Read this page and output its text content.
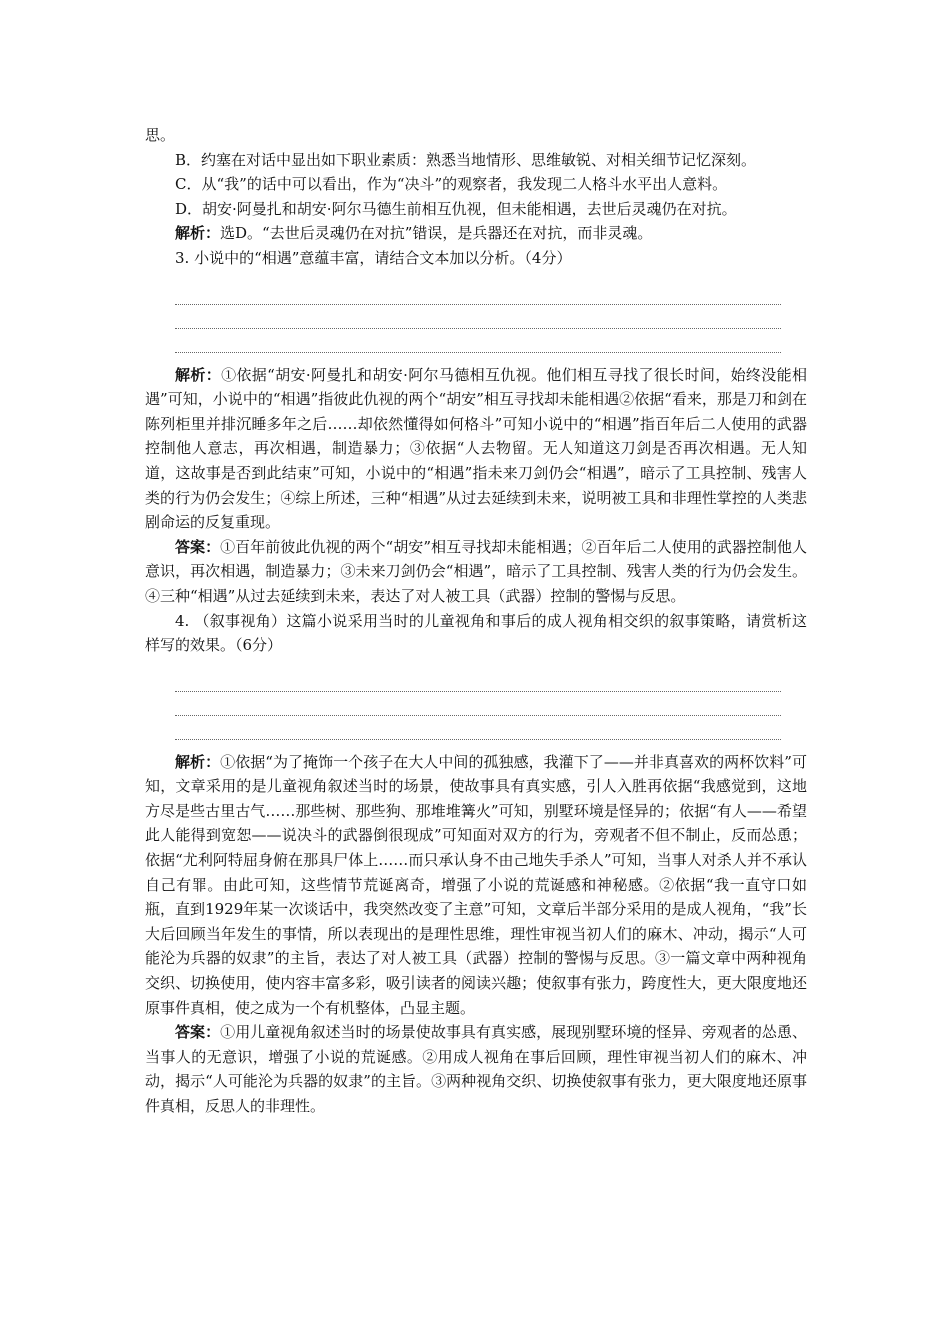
思。

B．约塞在对话中显出如下职业素质：熟悉当地情形、思维敏锐、对相关细节记忆深刻。

C．从“我”的话中可以看出，作为“决斗”的观察者，我发现二人格斗水平出人意料。

D．胡安·阿曼扎和胡安·阿尔马德生前相互仇视，但未能相遇，去世后灵魂仍在对抗。

解析：选D。“去世后灵魂仍在对抗”错误，是兵器还在对抗，而非灵魂。

3. 小说中的“相遇”意蕴丰富，请结合文本加以分析。（4分）

解析：①依据“胡安·阿曼扎和胡安·阿尔马德相互仇视。他们相互寻找了很长时间，始终没能相遇”可知，小说中的“相遇”指彼此仇视的两个“胡安”相互寻找却未能相遇②依据“看来，那是刀和剑在陈列柜里并排沉睡多年之后……却依然懂得如何格斗”可知小说中的“相遇”指百年后二人使用的武器控制他人意志，再次相遇，制造暴力；③依据“人去物留。无人知道这刀剑是否再次相遇。无人知道，这故事是否到此结束”可知，小说中的“相遇”指未来刀剑仍会“相遇”，暗示了工具控制、残害人类的行为仍会发生；④综上所述，三种“相遇”从过去延续到未来，说明被工具和非理性掌控的人类悲剧命运的反复重现。

答案：①百年前彼此仇视的两个“胡安”相互寻找却未能相遇；②百年后二人使用的武器控制他人意识，再次相遇，制造暴力；③未来刀剑仍会“相遇”，暗示了工具控制、残害人类的行为仍会发生。④三种“相遇”从过去延续到未来，表达了对人被工具（武器）控制的警惕与反思。

4. （叙事视角）这篇小说采用当时的儿童视角和事后的成人视角相交织的叙事策略，请赏析这样写的效果。（6分）

解析：①依据“为了掩饰一个孩子在大人中间的孤独感，我灌下了——并非真喜欢的两杯饮料”可知，文章采用的是儿童视角叙述当时的场景，使故事具有真实感，引人入胜再依据“我感觉到，这地方尽是些古里古气……那些树、那些狗、那堆堆篝火”可知，别墅环境是怪异的；依据“有人——希望此人能得到宽恕——说决斗的武器倒很现成”可知面对双方的行为，旁观者不但不制止，反而怂恿；依据“尤利阿特屈身俯在那具尸体上……而只承认身不由己地失手杀人”可知，当事人对杀人并不承认自己有罪。由此可知，这些情节荒诞离奇，增强了小说的荒诞感和神秘感。②依据“我一直守口如瓶，直到1929年某一次谈话中，我突然改变了主意”可知，文章后半部分采用的是成人视角，“我”长大后回顾当年发生的事情，所以表现出的是理性思维，理性审视当初人们的麻木、冲动，揭示“人可能沦为兵器的奴隶”的主旨，表达了对人被工具（武器）控制的警惕与反思。③一篇文章中两种视角交织、切换使用，使内容丰富多彩，吸引读者的阅读兴趣；使叙事有张力，跨度性大，更大限度地还原事件真相，使之成为一个有机整体，凸显主题。

答案：①用儿童视角叙述当时的场景使故事具有真实感，展现别墅环境的怪异、旁观者的怂恿、当事人的无意识，增强了小说的荒诞感。②用成人视角在事后回顾，理性审视当初人们的麻木、冲动，揭示“人可能沦为兵器的奴隶”的主旨。③两种视角交织、切换使叙事有张力，更大限度地还原事件真相，反思人的非理性。
